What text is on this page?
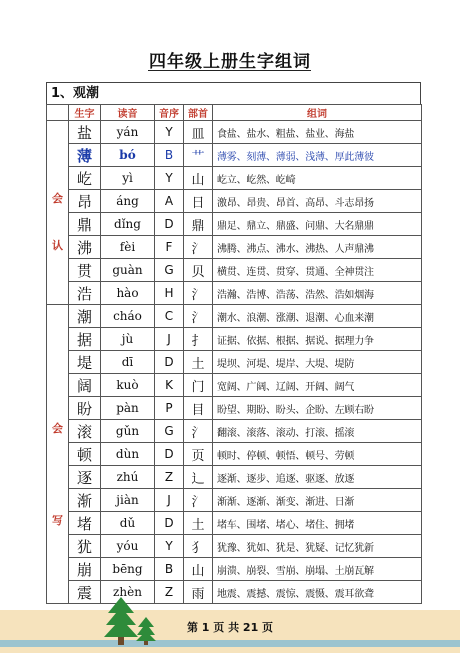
四年级上册生字组词
1、观潮
	生字	读音	音序	部首	组词

会
认	盐	yán	Y	皿	食盐、盐水、粗盐、盐业、海盐
	薄	bó	B	艹	薄雾、刻薄、薄弱、浅薄、厚此薄彼
	屹	yì	Y	山	屹立、屹然、屹崎
	昂	áng	A	日	激昂、昂贵、昂首、高昂、斗志昂扬
	鼎	dǐng	D	鼎	鼎足、鼎立、鼎盛、问鼎、大名鼎鼎
	沸	fèi	F	氵	沸腾、沸点、沸水、沸热、人声鼎沸
	贯	guàn	G	贝	横贯、连贯、贯穿、贯通、全神贯注
	浩	hào	H	氵	浩瀚、浩博、浩荡、浩然、浩如烟海

会
写	潮	cháo	C	氵	潮水、浪潮、涨潮、退潮、心血来潮
	据	jù	J	扌	证据、依据、根据、据说、据理力争
	堤	dī	D	土	堤坝、河堤、堤岸、大堤、堤防
	阔	kuò	K	门	宽阔、广阔、辽阔、开阔、阔气
	盼	pàn	P	目	盼望、期盼、盼头、企盼、左顾右盼
	滚	gǔn	G	氵	翻滚、滚落、滚动、打滚、摇滚
	顿	dùn	D	页	顿时、停顿、顿悟、顿号、劳顿
	逐	zhú	Z	辶	逐渐、逐步、追逐、驱逐、放逐
	渐	jiàn	J	氵	渐渐、逐渐、渐变、渐进、日渐
	堵	dǔ	D	土	堵车、围堵、堵心、堵住、拥堵
	犹	yóu	Y	犭	犹豫、犹如、犹是、犹疑、记忆犹新
	崩	bēng	B	山	崩溃、崩裂、雪崩、崩塌、土崩瓦解
	震	zhèn	Z	雨	地震、震撼、震惊、震慑、震耳欲聋
第 1 页 共 21 页
